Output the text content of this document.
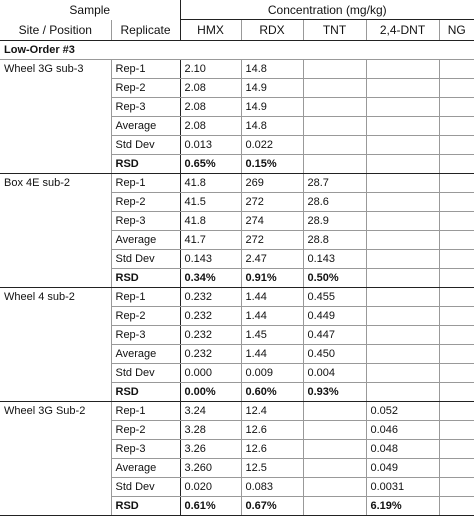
Sample		Concentration (mg/kg)				
Site / Position	Replicate	HMX	RDX	TNT	2,4-DNT	NG
Low-Order #3						
Wheel 3G sub-3	Rep-1	2.10	14.8			
	Rep-2	2.08	14.9			
	Rep-3	2.08	14.9			
	Average	2.08	14.8			
	Std Dev	0.013	0.022			
	RSD	0.65%	0.15%			
Box 4E sub-2	Rep-1	41.8	269	28.7		
	Rep-2	41.5	272	28.6		
	Rep-3	41.8	274	28.9		
	Average	41.7	272	28.8		
	Std Dev	0.143	2.47	0.143		
	RSD	0.34%	0.91%	0.50%		
Wheel 4 sub-2	Rep-1	0.232	1.44	0.455		
	Rep-2	0.232	1.44	0.449		
	Rep-3	0.232	1.45	0.447		
	Average	0.232	1.44	0.450		
	Std Dev	0.000	0.009	0.004		
	RSD	0.00%	0.60%	0.93%		
Wheel 3G Sub-2	Rep-1	3.24	12.4		0.052	
	Rep-2	3.28	12.6		0.046	
	Rep-3	3.26	12.6		0.048	
	Average	3.260	12.5		0.049	
	Std Dev	0.020	0.083		0.0031	
	RSD	0.61%	0.67%		6.19%	
